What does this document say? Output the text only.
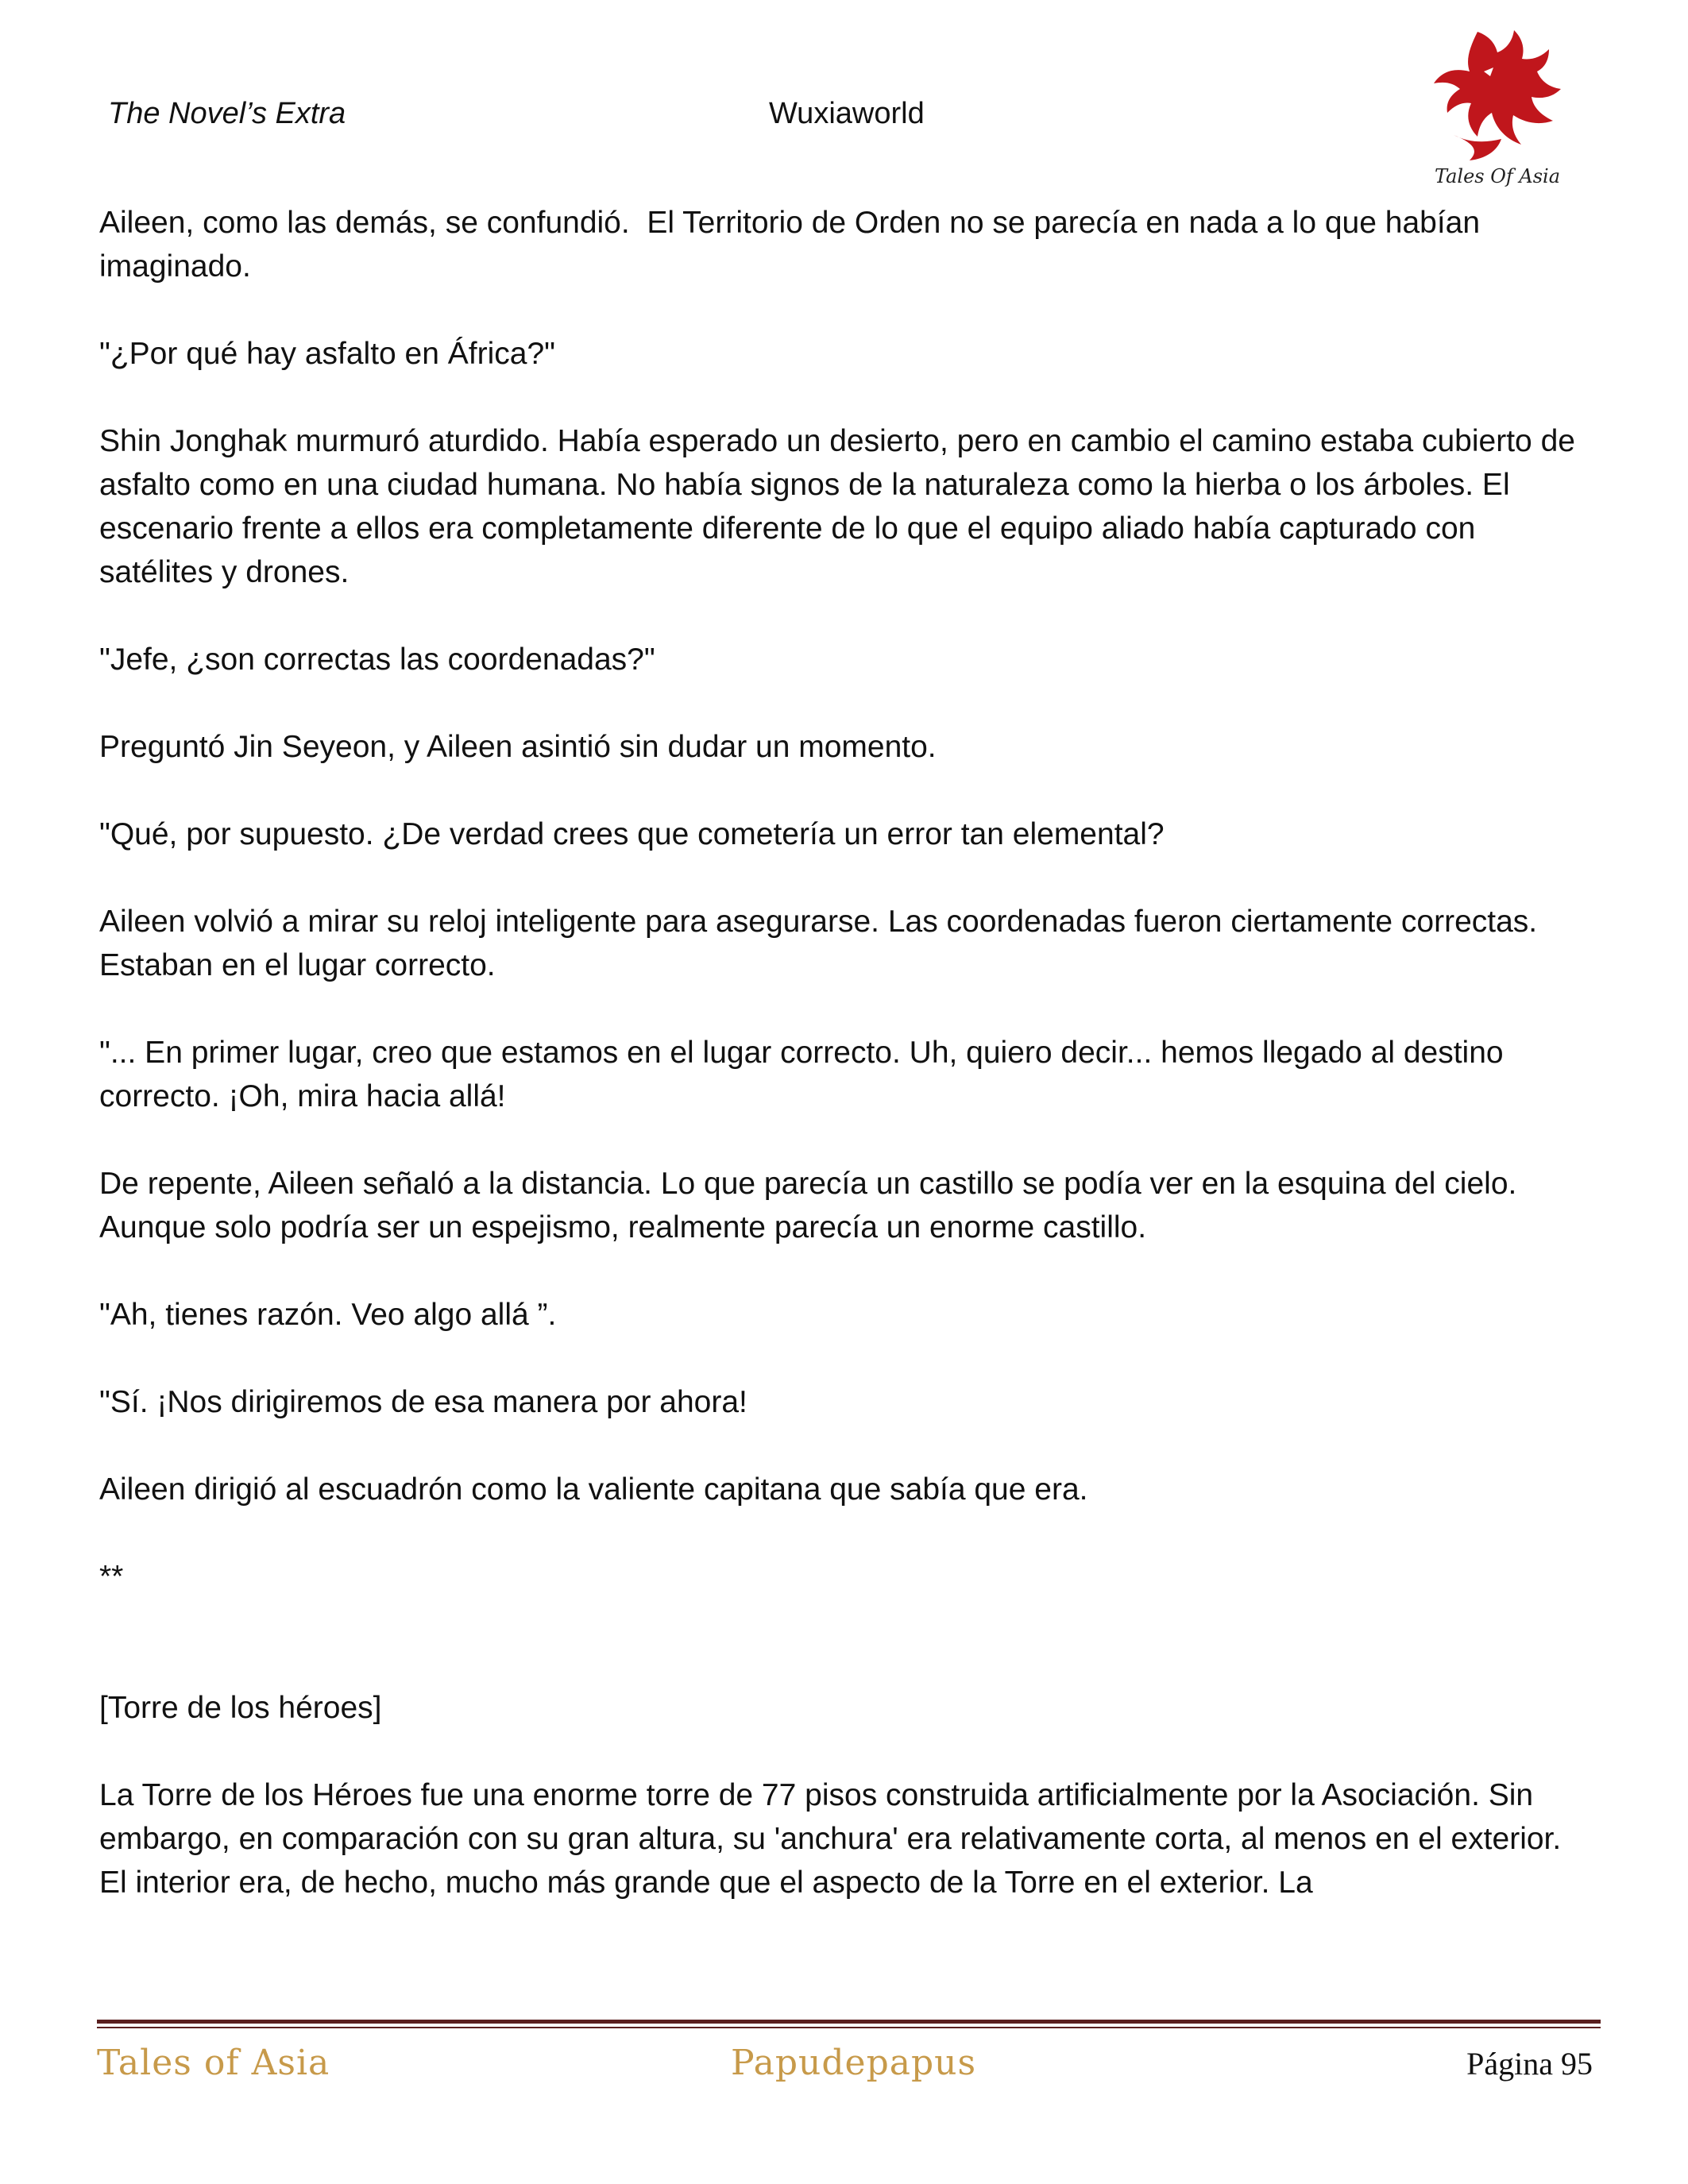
The Novel’s Extra	Wuxiaworld
Tales Of Asia

Aileen, como las demás, se confundió.  El Territorio de Orden no se parecía en nada a lo que habían imaginado.

"¿Por qué hay asfalto en África?"

Shin Jonghak murmuró aturdido. Había esperado un desierto, pero en cambio el camino estaba cubierto de asfalto como en una ciudad humana. No había signos de la naturaleza como la hierba o los árboles. El escenario frente a ellos era completamente diferente de lo que el equipo aliado había capturado con satélites y drones.

"Jefe, ¿son correctas las coordenadas?"

Preguntó Jin Seyeon, y Aileen asintió sin dudar un momento.

"Qué, por supuesto. ¿De verdad crees que cometería un error tan elemental?

Aileen volvió a mirar su reloj inteligente para asegurarse. Las coordenadas fueron ciertamente correctas. Estaban en el lugar correcto.

"... En primer lugar, creo que estamos en el lugar correcto. Uh, quiero decir... hemos llegado al destino correcto. ¡Oh, mira hacia allá!

De repente, Aileen señaló a la distancia. Lo que parecía un castillo se podía ver en la esquina del cielo. Aunque solo podría ser un espejismo, realmente parecía un enorme castillo.

"Ah, tienes razón. Veo algo allá ”.

"Sí. ¡Nos dirigiremos de esa manera por ahora!

Aileen dirigió al escuadrón como la valiente capitana que sabía que era.

**

[Torre de los héroes]

La Torre de los Héroes fue una enorme torre de 77 pisos construida artificialmente por la Asociación. Sin embargo, en comparación con su gran altura, su 'anchura' era relativamente corta, al menos en el exterior. El interior era, de hecho, mucho más grande que el aspecto de la Torre en el exterior. La

Tales of Asia	Papudepapus	Página 95
